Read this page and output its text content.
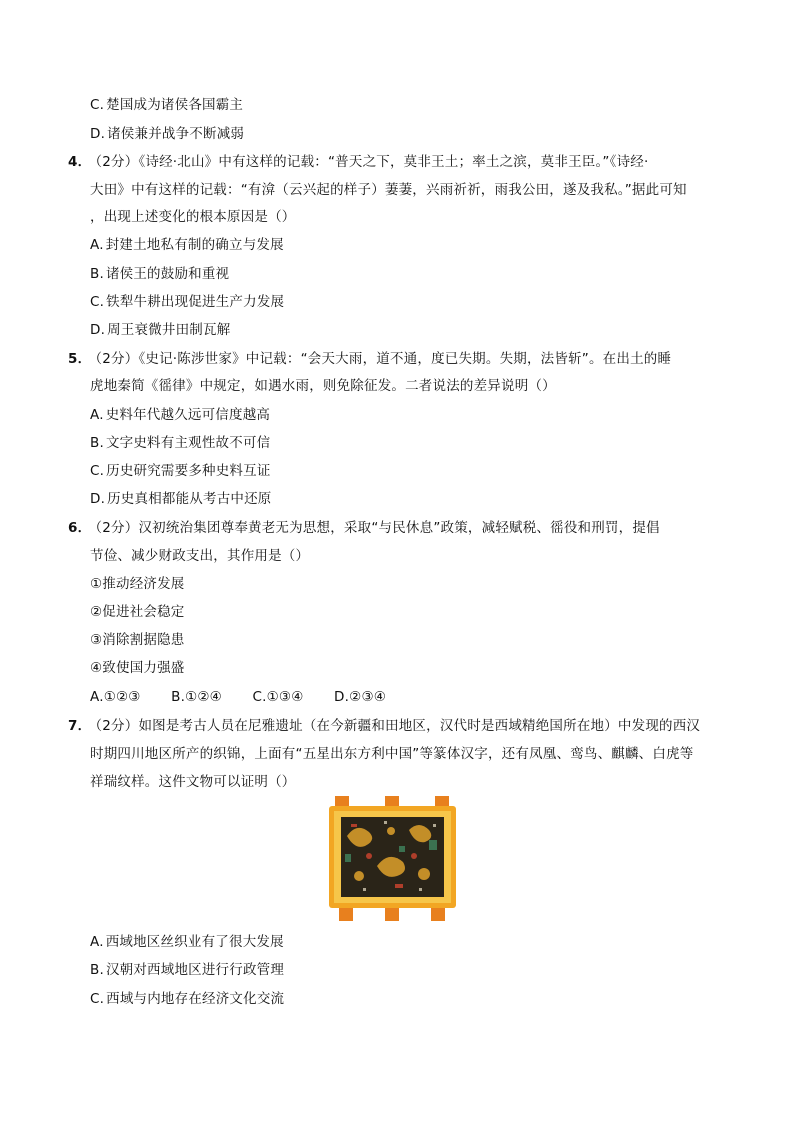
C. 楚国成为诸侯各国霸主
D. 诸侯兼并战争不断减弱
4． （2分）《诗经·北山》中有这样的记载：“普天之下，莫非王土；率土之滨，莫非王臣。”《诗经·
大田》中有这样的记载：“有渰（云兴起的样子）萋萋，兴雨祈祈，雨我公田，遂及我私。”据此可知
，出现上述变化的根本原因是（）
A. 封建土地私有制的确立与发展
B. 诸侯王的鼓励和重视
C. 铁犁牛耕出现促进生产力发展
D. 周王衰微井田制瓦解
5． （2分）《史记·陈涉世家》中记载：“会天大雨，道不通，度已失期。失期，法皆斩”。在出土的睡
虎地秦简《徭律》中规定，如遇水雨，则免除征发。二者说法的差异说明（）
A. 史料年代越久远可信度越高
B. 文字史料有主观性故不可信
C. 历史研究需要多种史料互证
D. 历史真相都能从考古中还原
6． （2分）汉初统治集团尊奉黄老无为思想，采取“与民休息”政策，减轻赋税、徭役和刑罚，提倡
节俭、减少财政支出，其作用是（）
①推动经济发展
②促进社会稳定
③消除割据隐患
④致使国力强盛
A.①②③ B.①②④ C.①③④ D.②③④
7． （2分）如图是考古人员在尼雅遗址（在今新疆和田地区，汉代时是西域精绝国所在地）中发现的西汉
时期四川地区所产的织锦，上面有“五星出东方利中国”等篆体汉字，还有凤凰、鸾鸟、麒麟、白虎等
祥瑞纹样。这件文物可以证明（）
A. 西域地区丝织业有了很大发展
B. 汉朝对西域地区进行行政管理
C. 西域与内地存在经济文化交流
